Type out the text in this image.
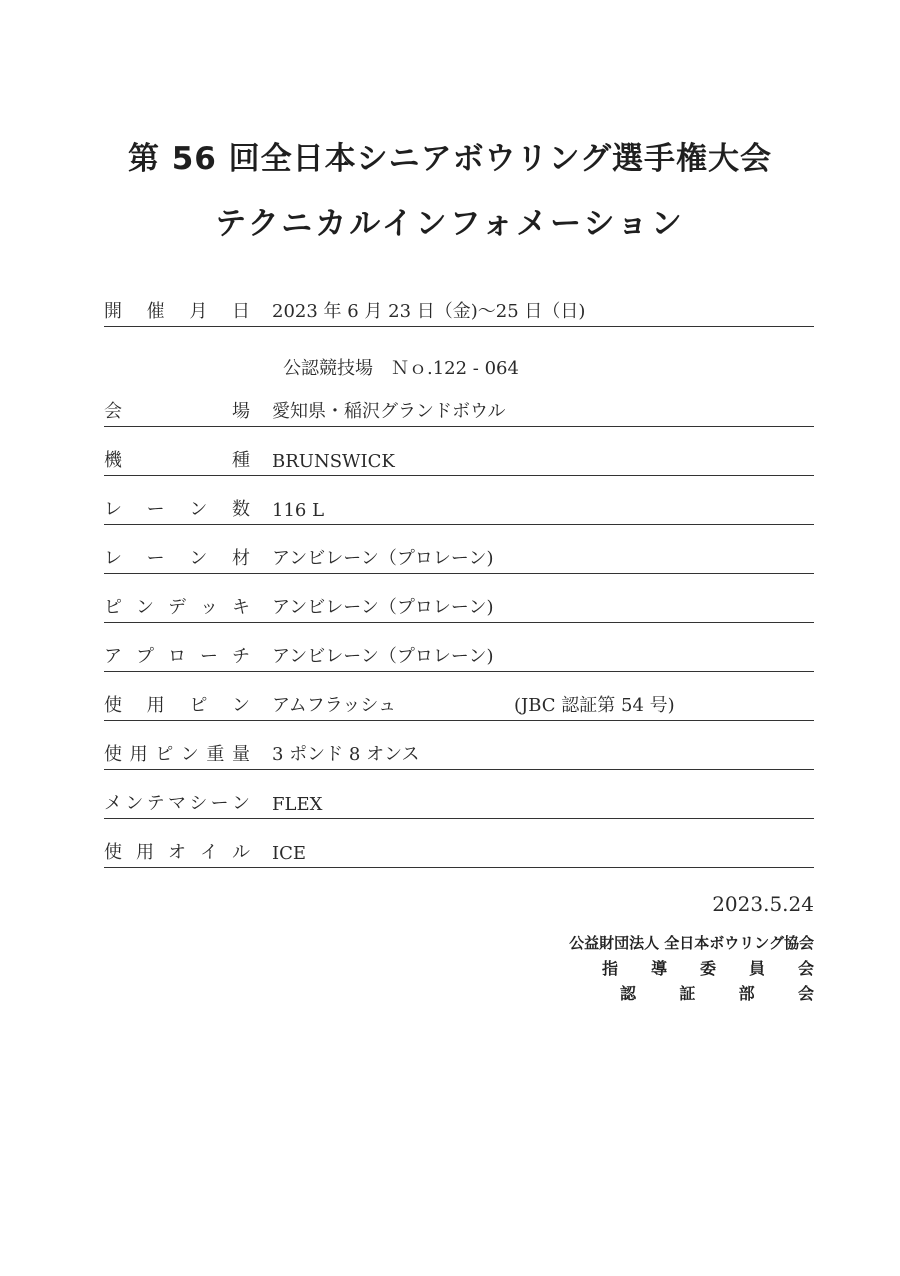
第 56 回全日本シニアボウリング選手権大会
テクニカルインフォメーション
開 催 月 日 2023 年 6 月 23 日（金)～25 日（日)
会	場 愛知県・稲沢グランドボウル
機	種 BRUNSWICK
レ ー ン 数 116 L
レ ー ン 材 アンビレーン（プロレーン)
ピ ン デ ッ キ アンビレーン（プロレーン)
ア プ ロ ー チ アンビレーン（プロレーン)
使 用 ピ ン アムフラッシュ	(JBC 認証第 54 号)
使 用 ピ ン 重 量 3 ポンド 8 オンス
メ ン テ マ シ ー ン FLEX
使 用 オ イ ル ICE
公認競技場　Ｎｏ.122 - 064
2023.5.24
公益財団法人 全日本ボウリング協会
指 導 委 員 会
認	証	部	会
